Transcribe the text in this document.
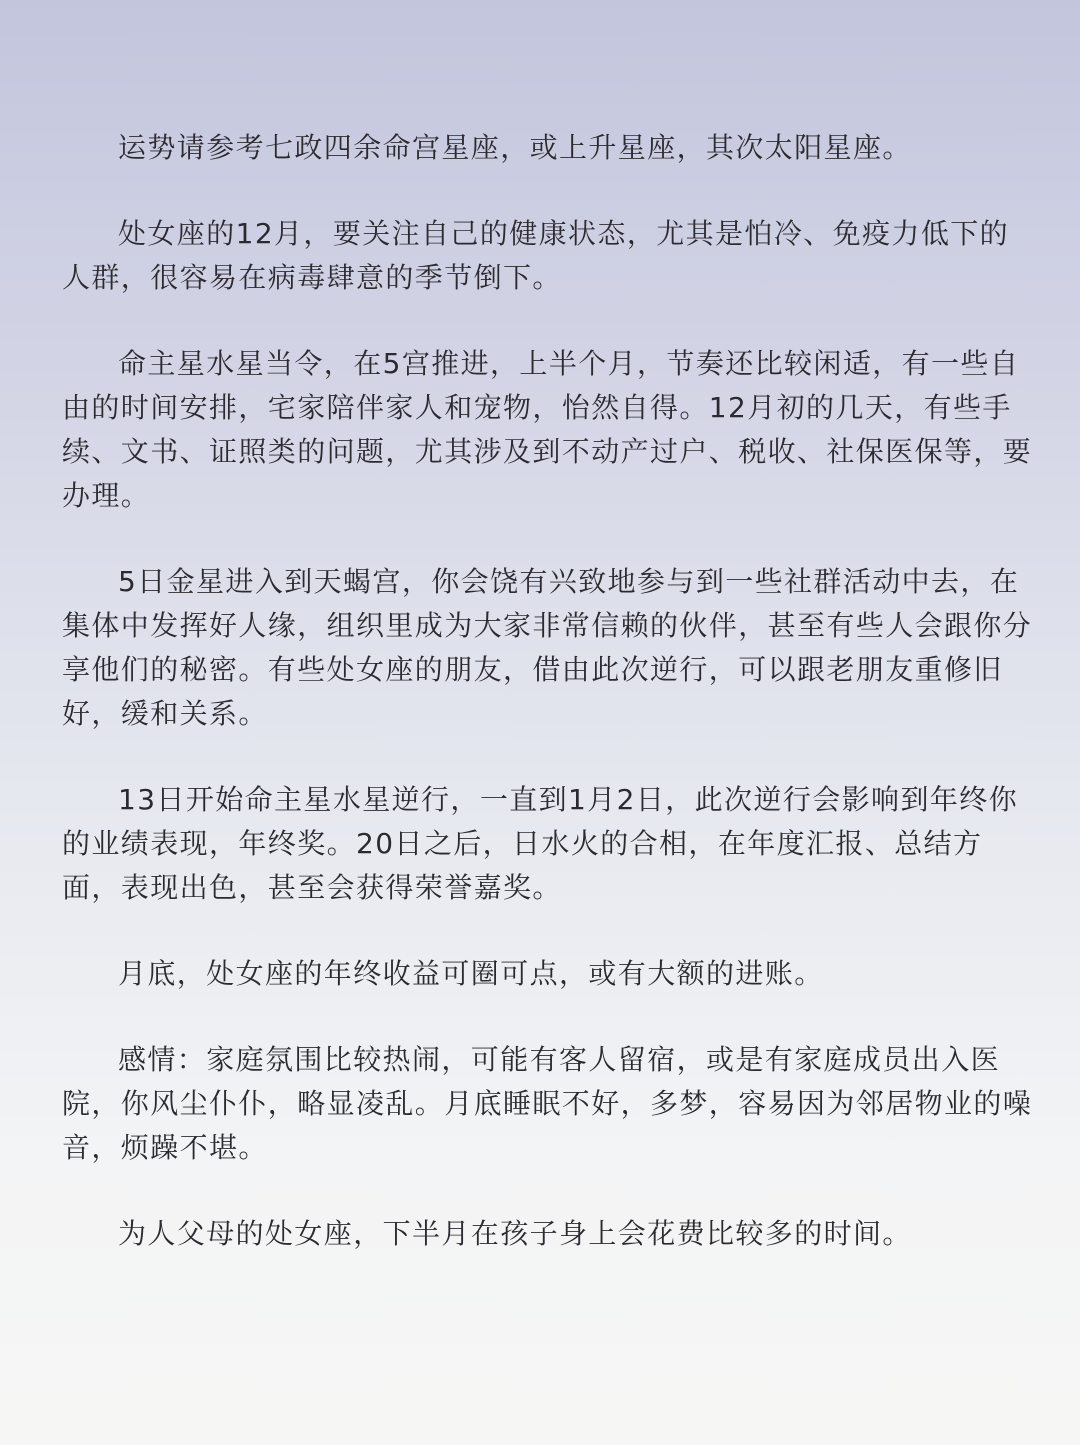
运势请参考七政四余命宫星座，或上升星座，其次太阳星座。

处女座的12月，要关注自己的健康状态，尤其是怕冷、免疫力低下的人群，很容易在病毒肆意的季节倒下。

命主星水星当令，在5宫推进，上半个月，节奏还比较闲适，有一些自由的时间安排，宅家陪伴家人和宠物，怡然自得。12月初的几天，有些手续、文书、证照类的问题，尤其涉及到不动产过户、税收、社保医保等，要办理。

5日金星进入到天蝎宫，你会饶有兴致地参与到一些社群活动中去，在集体中发挥好人缘，组织里成为大家非常信赖的伙伴，甚至有些人会跟你分享他们的秘密。有些处女座的朋友，借由此次逆行，可以跟老朋友重修旧好，缓和关系。

13日开始命主星水星逆行，一直到1月2日，此次逆行会影响到年终你的业绩表现，年终奖。20日之后，日水火的合相，在年度汇报、总结方面，表现出色，甚至会获得荣誉嘉奖。

月底，处女座的年终收益可圈可点，或有大额的进账。

感情：家庭氛围比较热闹，可能有客人留宿，或是有家庭成员出入医院，你风尘仆仆，略显凌乱。月底睡眠不好，多梦，容易因为邻居物业的噪音，烦躁不堪。

为人父母的处女座，下半月在孩子身上会花费比较多的时间。
